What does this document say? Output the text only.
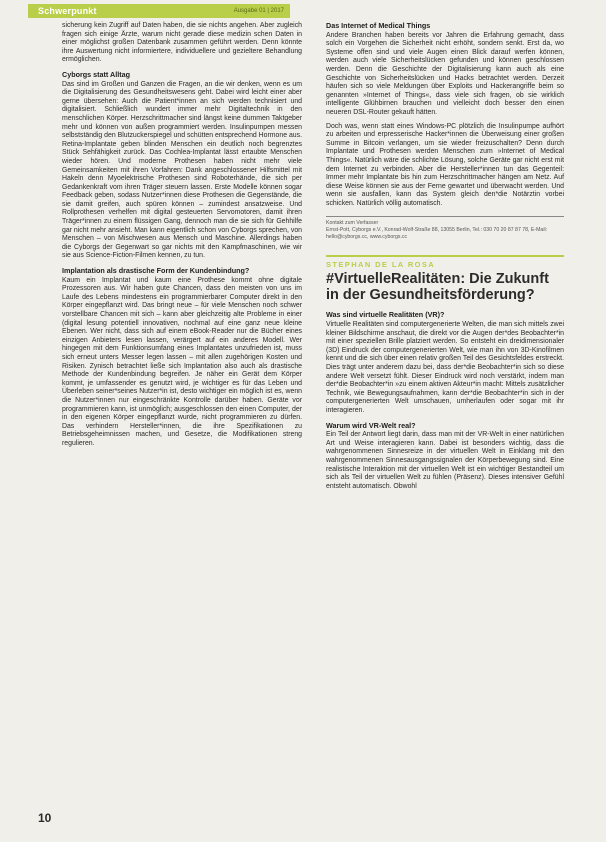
Schwerpunkt	Ausgabe 01 | 2017

sicherung kein Zugriff auf Daten haben, die sie nichts angehen. Aber zugleich fragen sich einige Ärzte, warum nicht gerade diese medizin schen Daten in einer möglichst großen Datenbank zusammen geführt werden. Denn könnte ihre Auswertung nicht informiertere, individuellere und gezieltere Behandlung ermöglichen.

Cyborgs statt Alltag

Das sind im Großen und Ganzen die Fragen, an die wir denken, wenn es um die Digitalisierung des Gesundheitswesens geht. Dabei wird leicht einer aber gerne übersehen: Auch die Patient*innen an sich werden technisiert und digitalisiert. Schließlich wundert immer mehr Digitaltechnik in den menschlichen Körper. Herzschrittmacher sind längst keine dummen Taktgeber mehr und können von außen programmiert werden. Insulinpumpen messen selbstständig den Blutzuckerspiegel und schütten entsprechend Hormone aus. Retina-Implantate geben blinden Menschen ein deutlich noch begrenztes Stück Sehfähigkeit zurück. Das Cochlea-Implantat lässt ertaubte Menschen wieder hören. Und moderne Prothesen haben nicht mehr viele Gemeinsamkeiten mit ihren Vorfahren: Dank angeschlossener Hilfsmittel mit Hakeln denn Myoelektrische Prothesen sind Roboterhände, die sich per Gedankenkraft vom ihren Träger steuern lassen. Erste Modelle können sogar Feedback geben, sodass Nutzer*innen diese Prothesen die Gegenstände, die sie damit greifen, auch spüren können – zumindest ansatzweise. Und Rollprothesen verhelfen mit digital gesteuerten Servomotoren, damit ihren Träger*innen zu einem flüssigen Gang, dennoch man die sie sich für Gehhilfe gar nicht mehr ansieht. Man kann eigentlich schon von Cyborgs sprechen, von Menschen – von Mischwesen aus Mensch und Maschine. Allerdings haben die Cyborgs der Gegenwart so gar nichts mit den Kampfmaschinen, wie wir sie aus Science-Fiction-Filmen kennen, zu tun.

Implantation als drastische Form der Kundenbindung?

Kaum ein Implantat und kaum eine Prothese kommt ohne digitale Prozessoren aus. Wir haben gute Chancen, dass den meisten von uns im Laufe des Lebens mindestens ein programmierbarer Computer direkt in den Körper eingepflanzt wird. Das bringt neue – für viele Menschen noch schwer vorstellbare Chancen mit sich – kann aber gleichzeitig alte Probleme in einer (digital lesung potentiell innovativen, nochmal auf eine ganz neue kleine Ebenen. Wer nicht, dass sich auf einem eBook-Reader nur die Bücher eines einzigen Anbieters lesen lassen, verärgert auf ein anderes Modell. Wer hingegen mit dem Funktionsumfang eines Implantates unzufrieden ist, muss sich erneut unters Messer legen lassen – mit allen zugehörigen Kosten und Risiken. Zynisch betrachtet ließe sich Implantation also auch als drastische Methode der Kundenbindung begreifen. Je näher ein Gerät dem Körper kommt, je umfassender es genutzt wird, je wichtiger es für das Leben und Überleben seiner*seines Nutzer*in ist, desto wichtiger ein möglich ist es, wenn die Nutzer*innen nur eingeschränkte Kontrolle darüber haben. Geräte vor programmieren kann, ist unmöglich; ausgeschlossen den einen Computer, der in den eigenen Körper eingepflanzt wurde, nicht programmieren zu dürfen. Das verhindern Hersteller*innen, die ihre Spezifikationen zu Betriebsgeheimnissen machen, und Gesetze, die Modifikationen streng regulieren.

Das Internet of Medical Things

Andere Branchen haben bereits vor Jahren die Erfahrung gemacht, dass solch ein Vorgehen die Sicherheit nicht erhöht, sondern senkt. Erst da, wo Systeme offen sind und viele Augen einen Blick darauf werfen können, werden auch viele Sicherheitslücken gefunden und können geschlossen werden. Denn die Geschichte der Digitalisierung kann auch als eine Geschichte von Sicherheitslücken und Hacks betrachtet werden. Derzeit häufen sich so viele Meldungen über Exploits und Hackerangriffe beim so genannten »Internet of Things«, dass viele sich fragen, ob sie wirklich intelligente Glühbirnen brauchen und vielleicht doch besser den einen neueren DSL-Router gekauft hätten.

Doch was, wenn statt eines Windows-PC plötzlich die Insulinpumpe aufhört zu arbeiten und erpresserische Hacker*innen die Überweisung einer großen Summe in Bitcoin verlangen, um sie wieder freizuschalten? Denn durch Implantate und Prothesen werden Menschen zum »Internet of Medical Things«. Natürlich wäre die schlichte Lösung, solche Geräte gar nicht erst mit dem Internet zu verbinden. Aber die Hersteller*innen tun das Gegenteil: Immer mehr Implantate bis hin zum Herzschrittmacher hängen am Netz. Auf diese Weise können sie aus der Ferne gewartet und überwacht werden. Und wenn sie ausfallen, kann das System gleich den*die Notärztin vorbei schicken. Natürlich völlig automatisch.

Kontakt zum Verfasser
Ernst-Pott, Cyborgs e.V., Konrad-Wolf-Straße 88, 13055 Berlin, Tel.: 030 70 20 87 87 78, E-Mail: hello@cyborgs.cc, www.cyborgs.cc
STEPHAN DE LA ROSA
#VirtuelleRealitäten: Die Zukunft in der Gesundheitsförderung?
Was sind virtuelle Realitäten (VR)?

Virtuelle Realitäten sind computergenerierte Welten, die man sich mittels zwei kleiner Bildschirme anschaut, die direkt vor die Augen der*des Beobachter*in mit einer speziellen Brille platziert werden. So entsteht ein dreidimensionaler (3D) Eindruck der computergenerierten Welt, wie man ihn von 3D-Kinofilmen kennt und die sich über einen relativ großen Teil des Gesichtsfeldes erstreckt. Dies trägt unter anderem dazu bei, dass der*die Beobachter*in sich so diese andere Welt versetzt fühlt. Dieser Eindruck wird noch verstärkt, indem man der*die Beobachter*in »zu einem aktiven Akteur*in macht: Mittels zusätzlicher Technik, wie Bewegungsaufnahmen, kann der*die Beobachter*in sich in der computergenerierten Welt umschauen, umherlaufen oder sogar mit ihr interagieren.

Warum wird VR-Welt real?

Ein Teil der Antwort liegt darin, dass man mit der VR-Welt in einer natürlichen Art und Weise interagieren kann. Dabei ist besonders wichtig, dass die wahrgenommenen Sinnesreize in der virtuellen Welt in Einklang mit den wahrgenommenen Sinnesausgangssignalen der Körperbewegung sind. Eine realistische Interaktion mit der virtuellen Welt ist ein wichtiger Bestandteil um sich als Teil der virtuellen Welt zu fühlen (Präsenz). Dieses intensiver Gefühl entsteht automatisch. Obwohl

10
